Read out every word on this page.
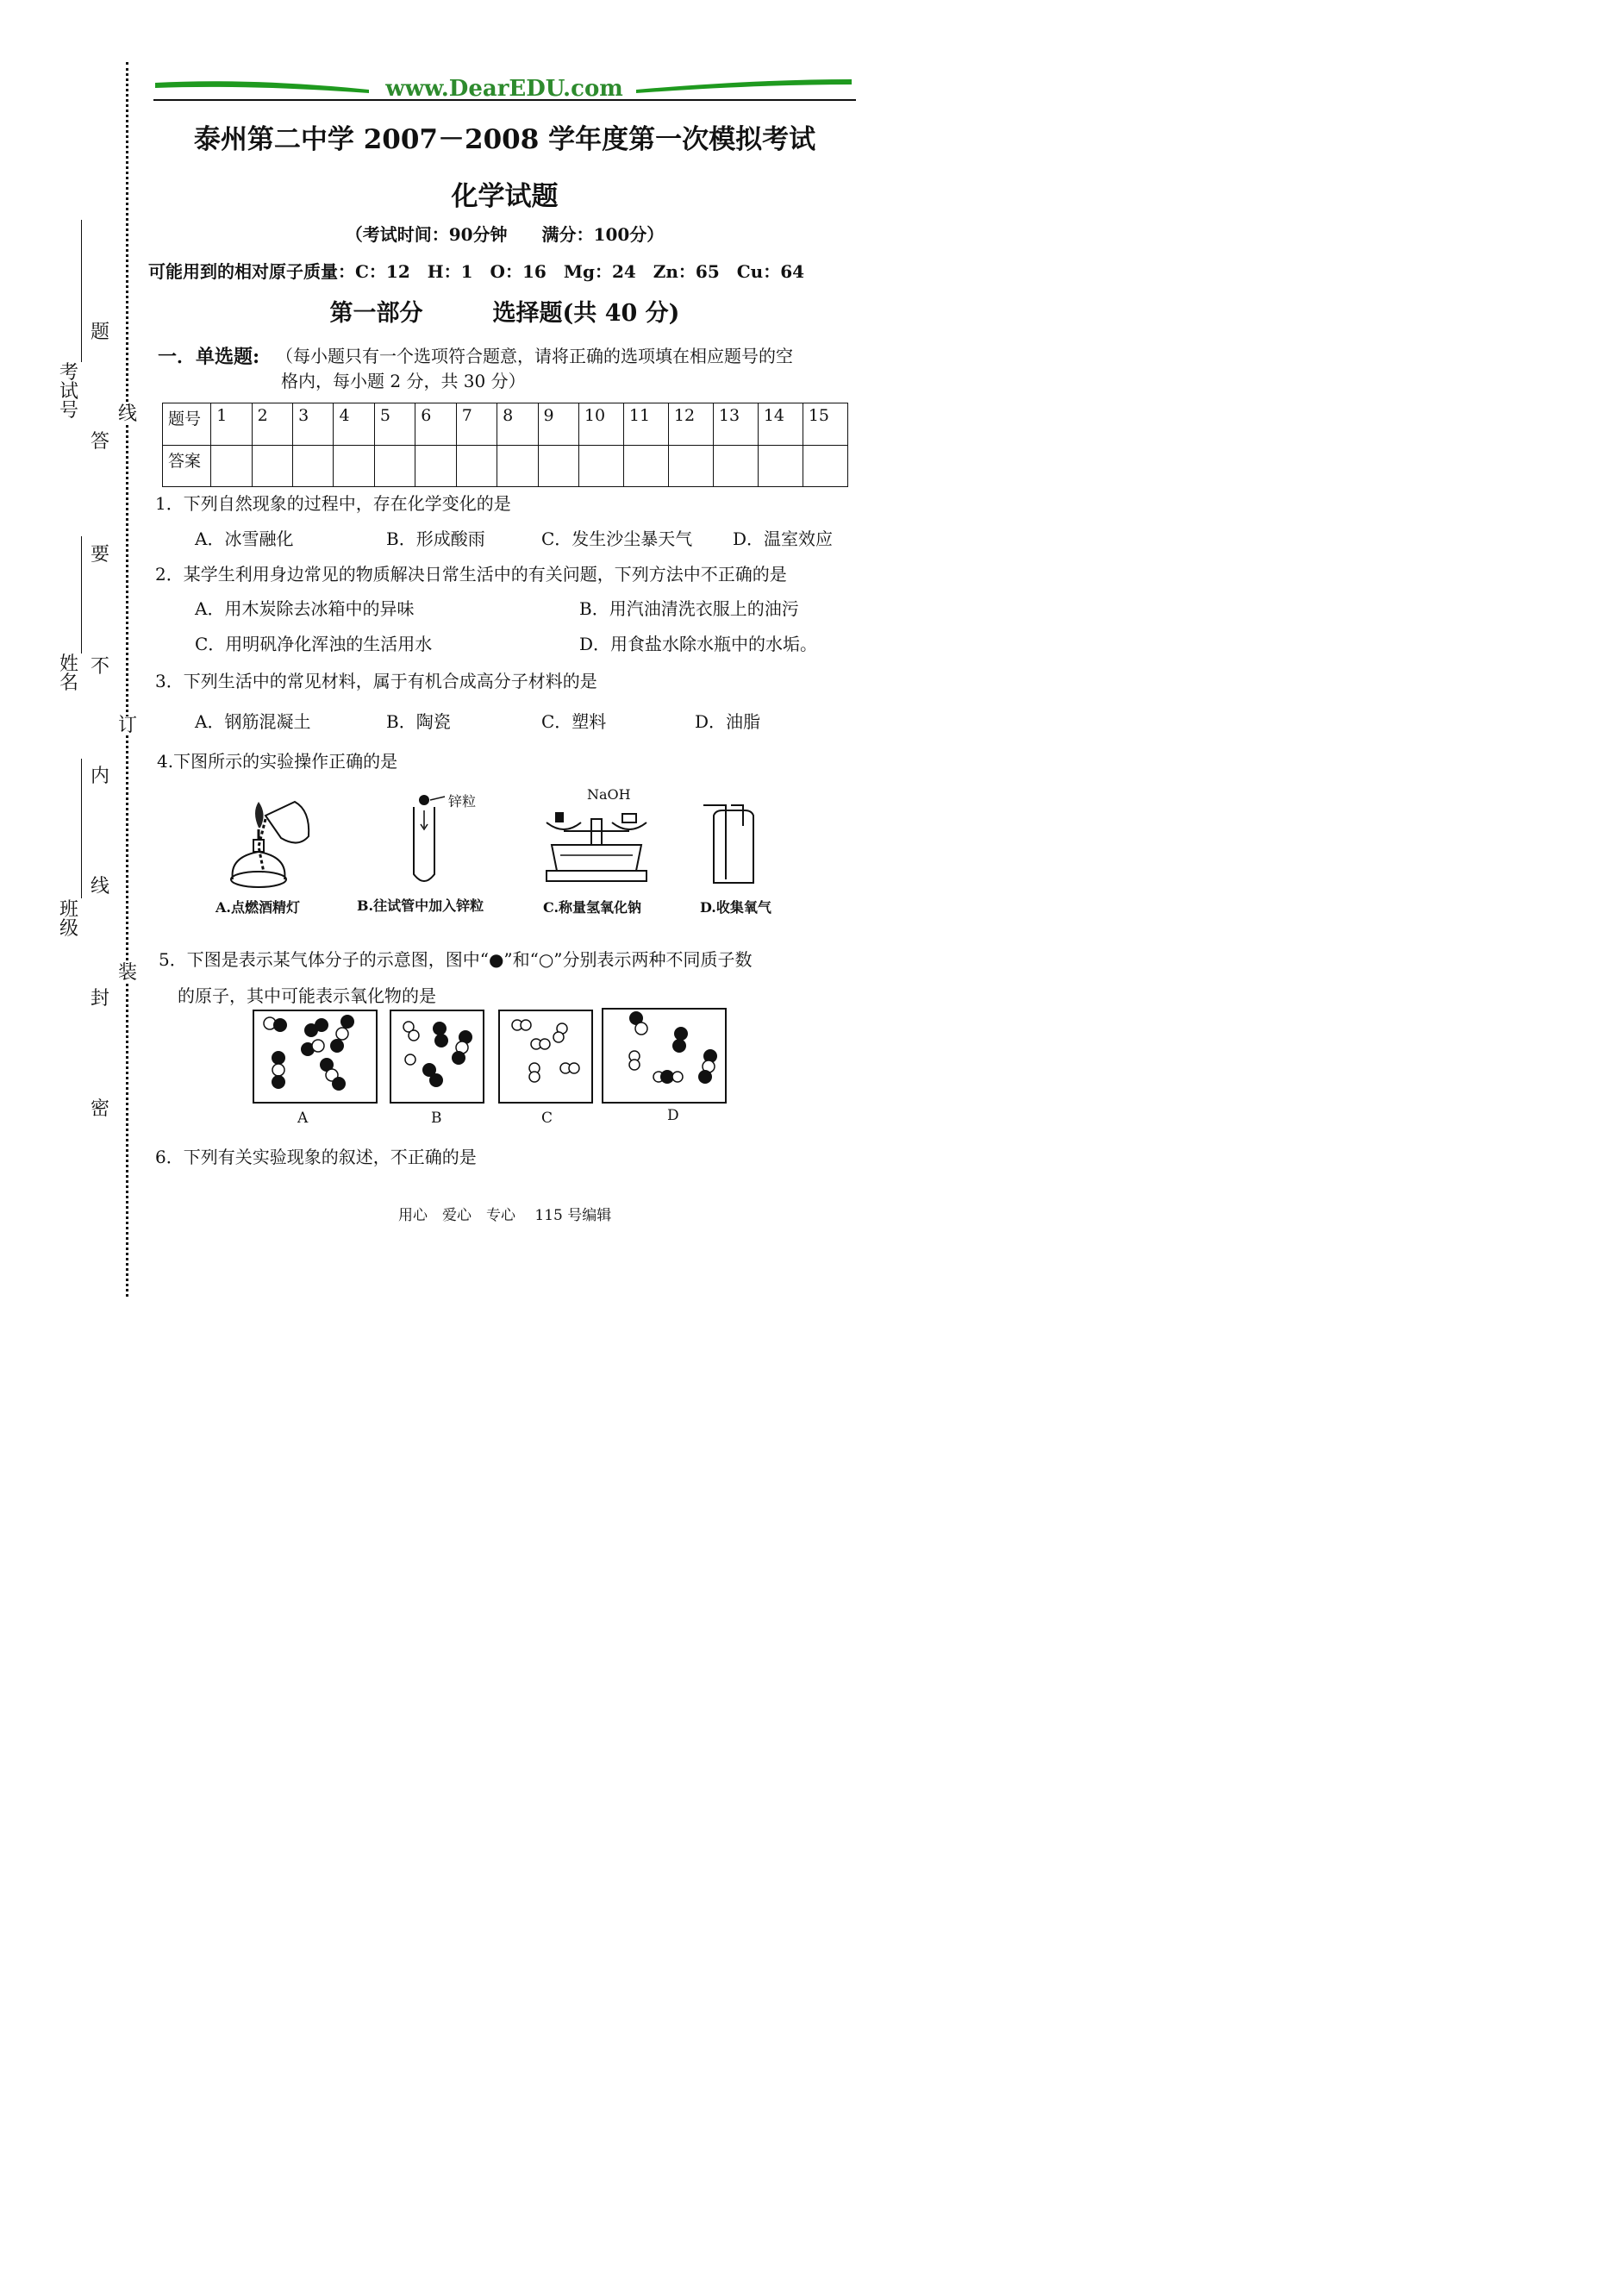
考试号
姓名
班级
题
答
要
不
内
线
封
密
线
订
装
www.DearEDU.com
泰州第二中学 2007－2008 学年度第一次模拟考试
化学试题
（考试时间：90分钟　　满分：100分）
可能用到的相对原子质量：C：12　H：1　O：16　Mg：24　Zn：65　Cu：64
第一部分　　　选择题(共 40 分)
一．单选题: （每小题只有一个选项符合题意，请将正确的选项填在相应题号的空
格内，每小题 2 分，共 30 分）
题号	1	2	3	4	5	6	7	8	9	10	11	12	13	14	15
答案															
1．下列自然现象的过程中，存在化学变化的是
A．冰雪融化	B．形成酸雨	C．发生沙尘暴天气 D．温室效应
2．某学生利用身边常见的物质解决日常生活中的有关问题，下列方法中不正确的是
A．用木炭除去冰箱中的异味	B．用汽油清洗衣服上的油污
C．用明矾净化浑浊的生活用水	D．用食盐水除水瓶中的水垢。
3．下列生活中的常见材料，属于有机合成高分子材料的是
A．钢筋混凝土	B．陶瓷	C．塑料	D．油脂
4.下图所示的实验操作正确的是
A.点燃酒精灯
锌粒
B.往试管中加入锌粒
NaOH
C.称量氢氧化钠	D.收集氧气
5．下图是表示某气体分子的示意图，图中“●”和“○”分别表示两种不同质子数
的原子，其中可能表示氧化物的是
A	B	C	D
6．下列有关实验现象的叙述，不正确的是
用心　爱心　专心　 115 号编辑
